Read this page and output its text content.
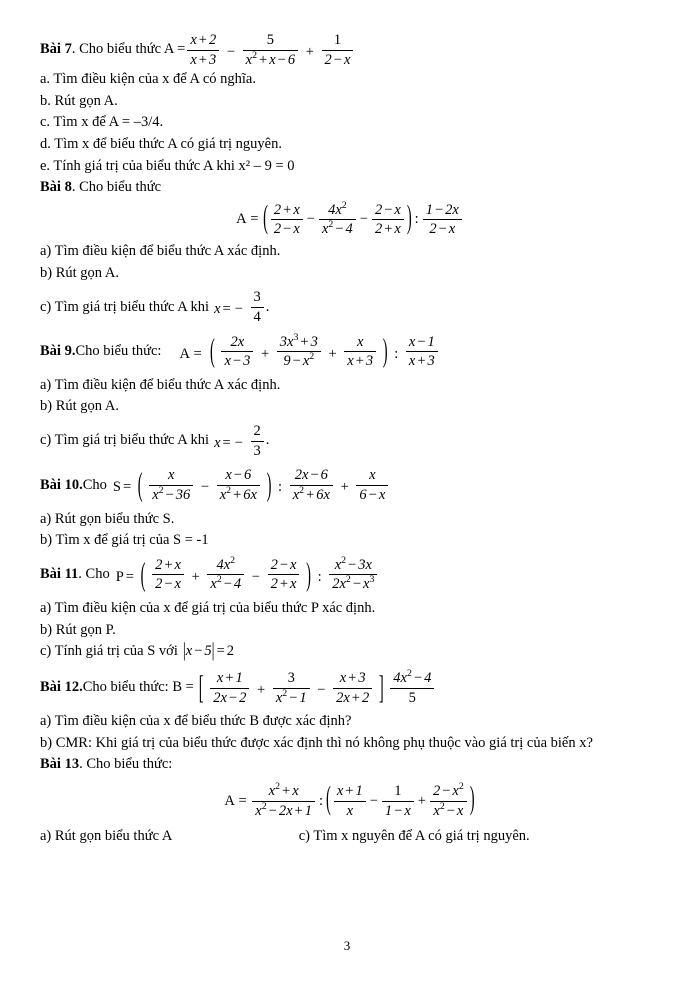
Bài 7 . Cho biểu thức $A = \frac{x + 2}{x + 3} - \frac{5}{x^2 + x - 6} + \frac{1}{2 - x}$
a. Tìm điều kiện của x để A có nghĩa.
b. Rút gọn A.
c. Tìm x để A = –3/4.
d. Tìm x để biểu thức A có giá trị nguyên.
e. Tính giá trị của biểu thức A khi x² – 9 = 0
Bài 8. Cho biểu thức
A = ( $\frac{2 + x}{2 - x} - \frac{4x^2}{x^2 - 4} - \frac{2 - x}{2 + x}$ ) : $\frac{1 - 2x}{2 - x}$
a) Tìm điều kiện để biểu thức A xác định.
b) Rút gọn A.
c) Tìm giá trị biểu thức A khi x = − $\frac{3}{4}$ .
Bài 9. Cho biểu thức: A =  ( $\frac{2x}{x - 3} + \frac{3x^3 + 3}{9 - x^2} + \frac{x}{x + 3}$ ) : $\frac{x - 1}{x + 3}$
a) Tìm điều kiện để biểu thức A xác định.
b) Rút gọn A.
c) Tìm giá trị biểu thức A khi x = − $\frac{2}{3}$ .
Bài 10. Cho S = ( $\frac{x}{x^2 - 36} - \frac{x - 6}{x^2 + 6x}$ ) : $\frac{2x - 6}{x^2 + 6x} + \frac{x}{6 - x}$
a) Rút gọn biểu thức S.
b) Tìm x để giá trị của S = -1
Bài 11 . Cho P = ( $\frac{2 + x}{2 - x} + \frac{4x^2}{x^2 - 4} - \frac{2 - x}{2 + x}$ ) : $\frac{x^2 - 3x}{2x^2 - x^3}$
a) Tìm điều kiện của x để giá trị của biểu thức P xác định.
b) Rút gọn P.
c) Tính giá trị của S với |x − 5| = 2
Bài 12. Cho biểu thức: B = [ $\frac{x + 1}{2x - 2} + \frac{3}{x^2 - 1} - \frac{x + 3}{2x + 2}$ ] $\frac{4x^2 - 4}{5}$
a) Tìm điều kiện của x để biểu thức B được xác định?
b) CMR: Khi giá trị của biểu thức được xác định thì nó không phụ thuộc vào giá trị của biến x?
Bài 13. Cho biểu thức:
$A = \frac{x^2 + x}{x^2 - 2x + 1}$ : ( $\frac{x + 1}{x} - \frac{1}{1 - x} + \frac{2 - x^2}{x^2 - x}$ )
a) Rút gọn biểu thức A	c) Tìm x nguyên để A có giá trị nguyên.
3
